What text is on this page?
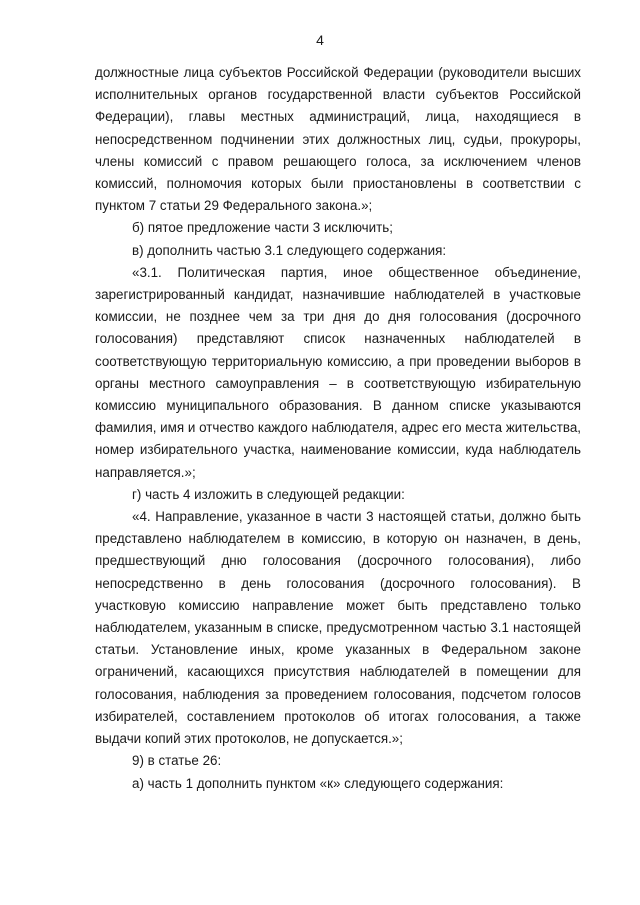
4

должностные лица субъектов Российской Федерации (руководители высших исполнительных органов государственной власти субъектов Российской Федерации), главы местных администраций, лица, находящиеся в непосредственном подчинении этих должностных лиц, судьи, прокуроры, члены комиссий с правом решающего голоса, за исключением членов комиссий, полномочия которых были приостановлены в соответствии с пунктом 7 статьи 29 Федерального закона.»;

б) пятое предложение части 3 исключить;

в) дополнить частью 3.1 следующего содержания:

«3.1. Политическая партия, иное общественное объединение, зарегистрированный кандидат, назначившие наблюдателей в участковые комиссии, не позднее чем за три дня до дня голосования (досрочного голосования) представляют список назначенных наблюдателей в соответствующую территориальную комиссию, а при проведении выборов в органы местного самоуправления – в соответствующую избирательную комиссию муниципального образования. В данном списке указываются фамилия, имя и отчество каждого наблюдателя, адрес его места жительства, номер избирательного участка, наименование комиссии, куда наблюдатель направляется.»;

г) часть 4 изложить в следующей редакции:

«4. Направление, указанное в части 3 настоящей статьи, должно быть представлено наблюдателем в комиссию, в которую он назначен, в день, предшествующий дню голосования (досрочного голосования), либо непосредственно в день голосования (досрочного голосования). В участковую комиссию направление может быть представлено только наблюдателем, указанным в списке, предусмотренном частью 3.1 настоящей статьи. Установление иных, кроме указанных в Федеральном законе ограничений, касающихся присутствия наблюдателей в помещении для голосования, наблюдения за проведением голосования, подсчетом голосов избирателей, составлением протоколов об итогах голосования, а также выдачи копий этих протоколов, не допускается.»;

9) в статье 26:

а) часть 1 дополнить пунктом «к» следующего содержания:
